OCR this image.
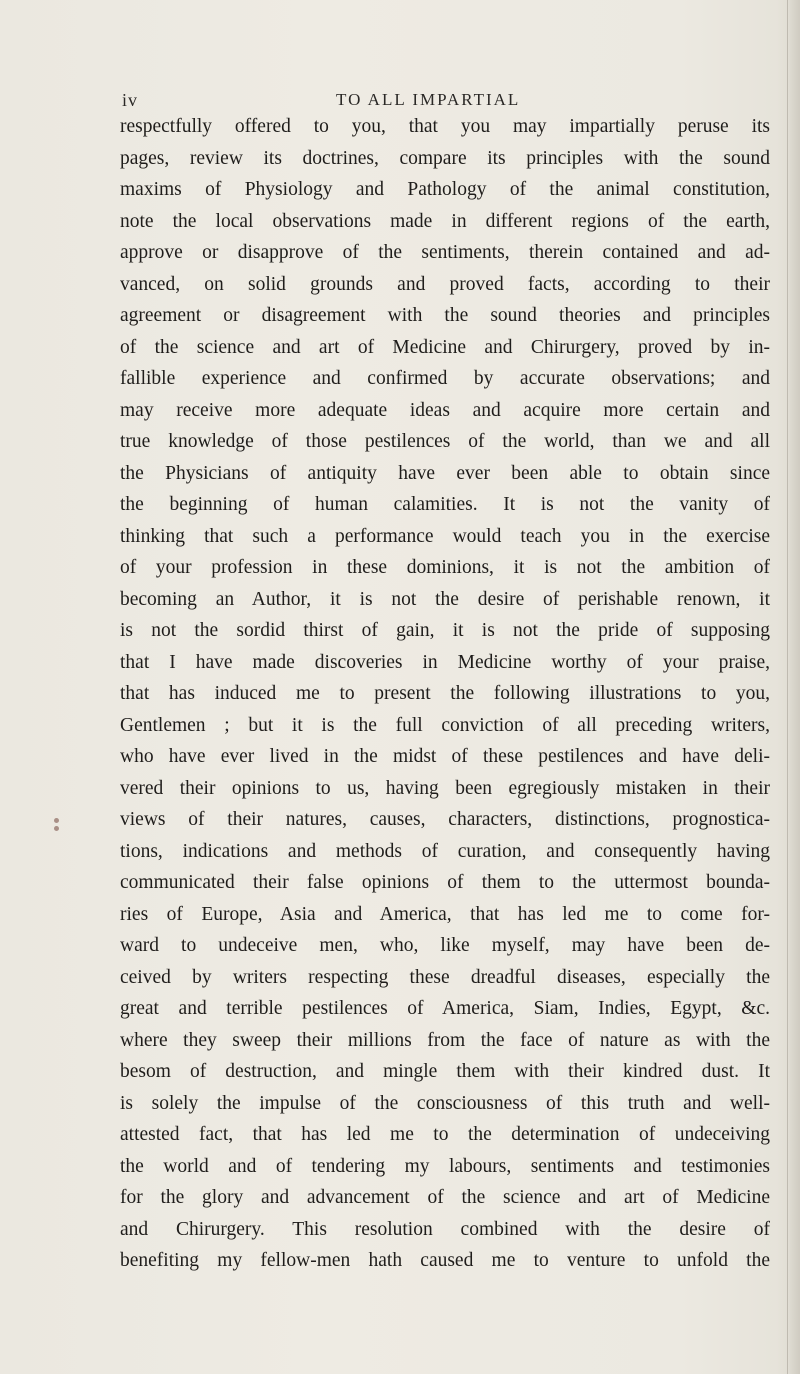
iv	TO ALL IMPARTIAL
respectfully offered to you, that you may impartially peruse its
pages, review its doctrines, compare its principles with the sound
maxims of Physiology and Pathology of the animal constitution,
note the local observations made in different regions of the earth,
approve or disapprove of the sentiments, therein contained and ad-
vanced, on solid grounds and proved facts, according to their
agreement or disagreement with the sound theories and principles
of the science and art of Medicine and Chirurgery, proved by in-
fallible experience and confirmed by accurate observations; and
may receive more adequate ideas and acquire more certain and
true knowledge of those pestilences of the world, than we and all
the Physicians of antiquity have ever been able to obtain since
the beginning of human calamities. It is not the vanity of
thinking that such a performance would teach you in the exercise
of your profession in these dominions, it is not the ambition of
becoming an Author, it is not the desire of perishable renown, it
is not the sordid thirst of gain, it is not the pride of supposing
that I have made discoveries in Medicine worthy of your praise,
that has induced me to present the following illustrations to you,
Gentlemen ; but it is the full conviction of all preceding writers,
who have ever lived in the midst of these pestilences and have deli-
vered their opinions to us, having been egregiously mistaken in their
views of their natures, causes, characters, distinctions, prognostica-
tions, indications and methods of curation, and consequently having
communicated their false opinions of them to the uttermost bounda-
ries of Europe, Asia and America, that has led me to come for-
ward to undeceive men, who, like myself, may have been de-
ceived by writers respecting these dreadful diseases, especially the
great and terrible pestilences of America, Siam, Indies, Egypt, &c.
where they sweep their millions from the face of nature as with the
besom of destruction, and mingle them with their kindred dust. It
is solely the impulse of the consciousness of this truth and well-
attested fact, that has led me to the determination of undeceiving
the world and of tendering my labours, sentiments and testimonies
for the glory and advancement of the science and art of Medicine
and Chirurgery. This resolution combined with the desire of
benefiting my fellow-men hath caused me to venture to unfold the
